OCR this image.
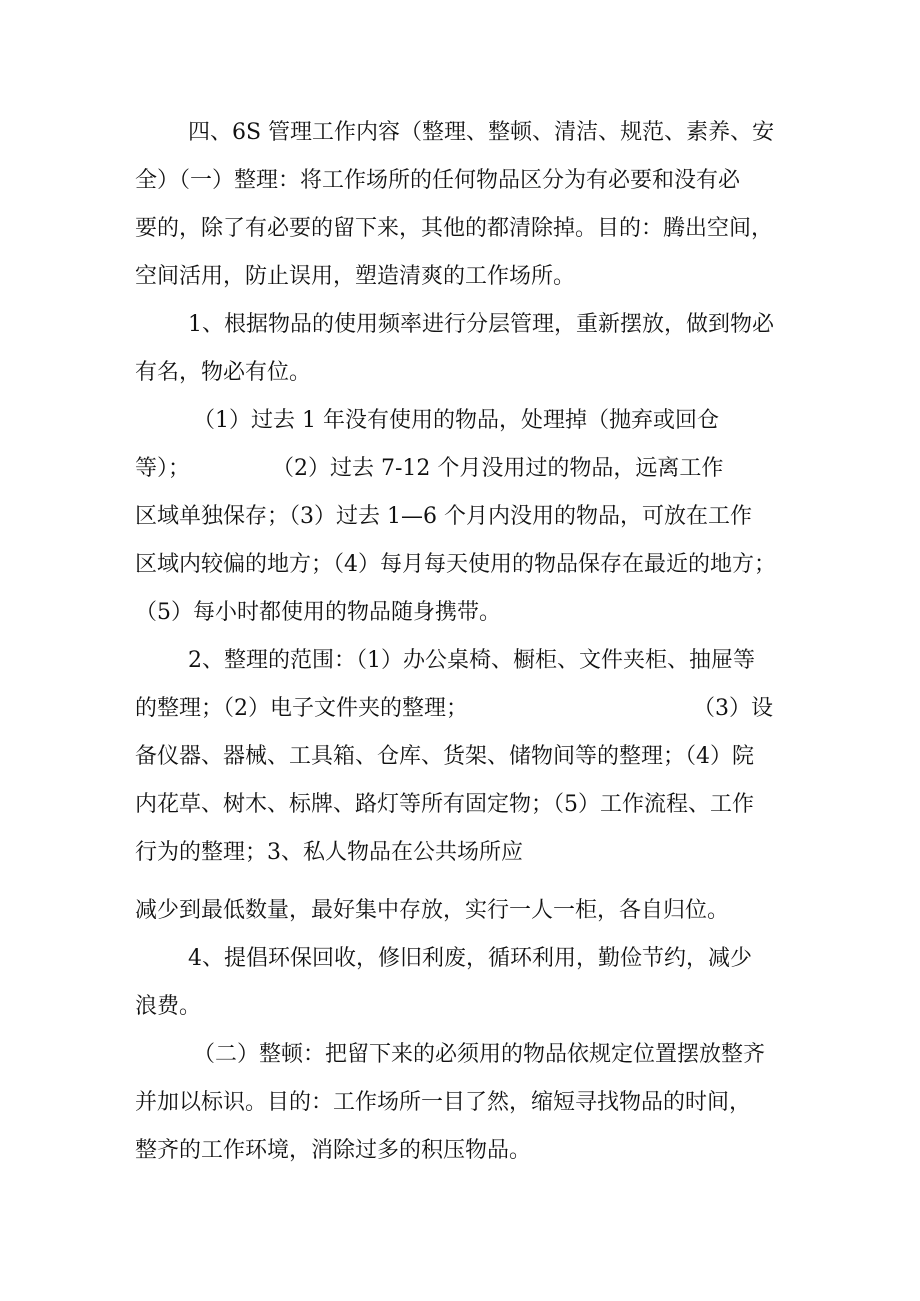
四、6S 管理工作内容（整理、整顿、清洁、规范、素养、安
全）（一）整理：将工作场所的任何物品区分为有必要和没有必
要的，除了有必要的留下来，其他的都清除掉。目的：腾出空间，
空间活用，防止误用，塑造清爽的工作场所。
1、根据物品的使用频率进行分层管理，重新摆放，做到物必
有名，物必有位。
（1）过去 1 年没有使用的物品，处理掉（抛弃或回仓
等）；	（2）过去 7-12 个月没用过的物品，远离工作
区域单独保存；（3）过去 1—6 个月内没用的物品，可放在工作
区域内较偏的地方；（4）每月每天使用的物品保存在最近的地方；
（5）每小时都使用的物品随身携带。
2、整理的范围：（1）办公桌椅、橱柜、文件夹柜、抽屉等
的整理；（2）电子文件夹的整理；	（3）设
备仪器、器械、工具箱、仓库、货架、储物间等的整理；（4）院
内花草、树木、标牌、路灯等所有固定物；（5）工作流程、工作
行为的整理；3、私人物品在公共场所应
减少到最低数量，最好集中存放，实行一人一柜，各自归位。
4、提倡环保回收，修旧利废，循环利用，勤俭节约，减少
浪费。
（二）整顿：把留下来的必须用的物品依规定位置摆放整齐
并加以标识。目的：工作场所一目了然，缩短寻找物品的时间，
整齐的工作环境，消除过多的积压物品。
